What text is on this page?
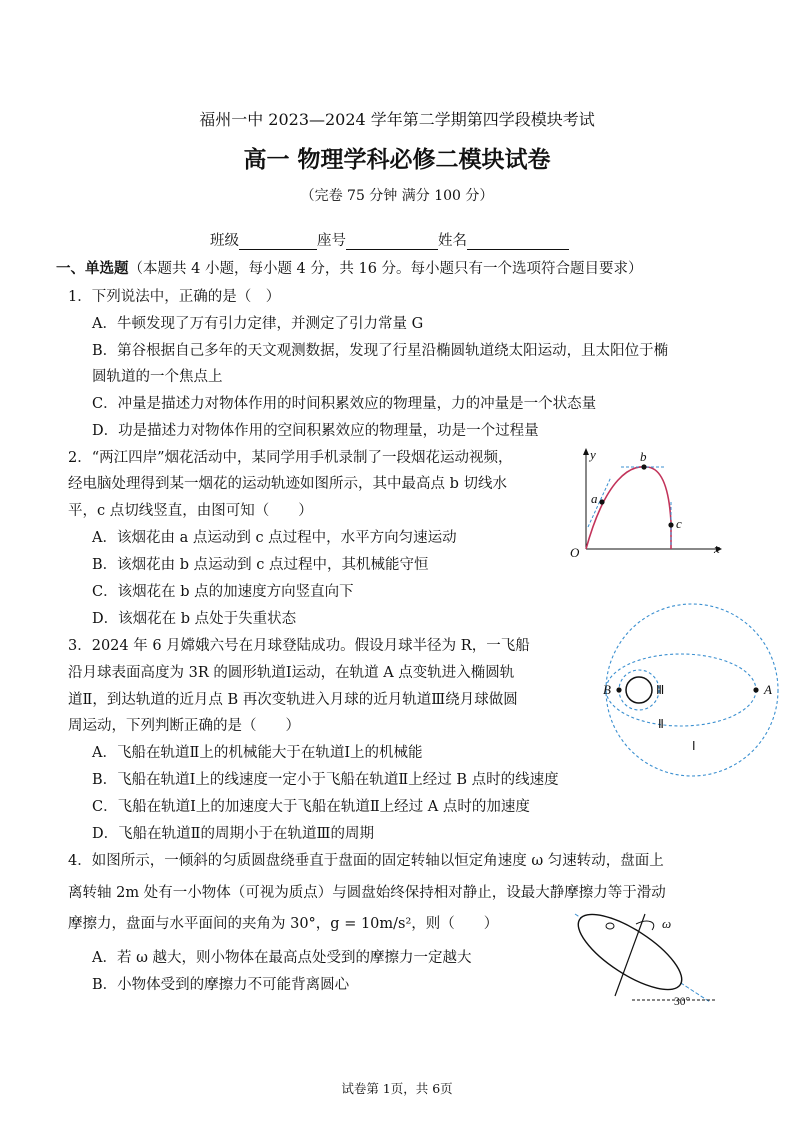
福州一中 2023—2024 学年第二学期第四学段模块考试
高一 物理学科必修二模块试卷
（完卷 75 分钟 满分 100 分）
班级	座号	姓名
一、单选题（本题共 4 小题，每小题 4 分，共 16 分。每小题只有一个选项符合题目要求）
1．下列说法中，正确的是（　）
A．牛顿发现了万有引力定律，并测定了引力常量 G
B．第谷根据自己多年的天文观测数据，发现了行星沿椭圆轨道绕太阳运动，且太阳位于椭
圆轨道的一个焦点上
C．冲量是描述力对物体作用的时间积累效应的物理量，力的冲量是一个状态量
D．功是描述力对物体作用的空间积累效应的物理量，功是一个过程量
2．“两江四岸”烟花活动中，某同学用手机录制了一段烟花运动视频，
经电脑处理得到某一烟花的运动轨迹如图所示，其中最高点 b 切线水
平，c 点切线竖直，由图可知（　　）
A．该烟花由 a 点运动到 c 点过程中，水平方向匀速运动
B．该烟花由 b 点运动到 c 点过程中，其机械能守恒
C．该烟花在 b 点的加速度方向竖直向下
D．该烟花在 b 点处于失重状态
y
x
O
a
b
c
3．2024 年 6 月嫦娥六号在月球登陆成功。假设月球半径为 R，一飞船
沿月球表面高度为 3R 的圆形轨道Ⅰ运动，在轨道 A 点变轨进入椭圆轨
道Ⅱ，到达轨道的近月点 B 再次变轨进入月球的近月轨道Ⅲ绕月球做圆
周运动，下列判断正确的是（　　）
A．飞船在轨道Ⅱ上的机械能大于在轨道Ⅰ上的机械能
B．飞船在轨道Ⅰ上的线速度一定小于飞船在轨道Ⅱ上经过 B 点时的线速度
C．飞船在轨道Ⅰ上的加速度大于飞船在轨道Ⅱ上经过 A 点时的加速度
D．飞船在轨道Ⅱ的周期小于在轨道Ⅲ的周期
B	A
Ⅲ
Ⅱ
Ⅰ
4．如图所示，一倾斜的匀质圆盘绕垂直于盘面的固定转轴以恒定角速度 ω 匀速转动，盘面上
离转轴 2m 处有一小物体（可视为质点）与圆盘始终保持相对静止，设最大静摩擦力等于滑动
摩擦力，盘面与水平面间的夹角为 30°，g = 10m/s²，则（　　）
A．若 ω 越大，则小物体在最高点处受到的摩擦力一定越大
B．小物体受到的摩擦力不可能背离圆心
ω
30°
试卷第 1页，共 6页
